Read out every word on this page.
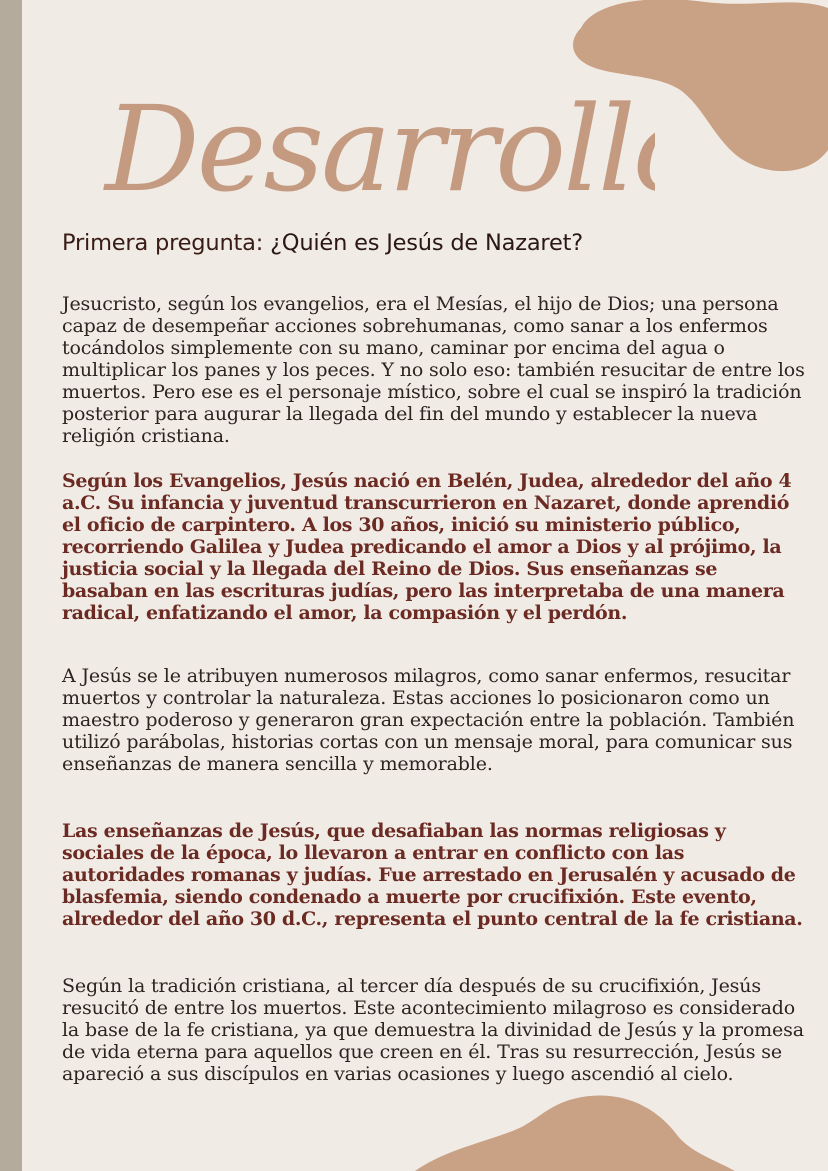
Desarrollo
Primera pregunta: ¿Quién es Jesús de Nazaret?

Jesucristo, según los evangelios, era el Mesías, el hijo de Dios; una persona capaz de desempeñar acciones sobrehumanas, como sanar a los enfermos tocándolos simplemente con su mano, caminar por encima del agua o multiplicar los panes y los peces. Y no solo eso: también resucitar de entre los muertos. Pero ese es el personaje místico, sobre el cual se inspiró la tradición posterior para augurar la llegada del fin del mundo y establecer la nueva religión cristiana.

Según los Evangelios, Jesús nació en Belén, Judea, alrededor del año 4 a.C. Su infancia y juventud transcurrieron en Nazaret, donde aprendió el oficio de carpintero. A los 30 años, inició su ministerio público, recorriendo Galilea y Judea predicando el amor a Dios y al prójimo, la justicia social y la llegada del Reino de Dios. Sus enseñanzas se basaban en las escrituras judías, pero las interpretaba de una manera radical, enfatizando el amor, la compasión y el perdón.

A Jesús se le atribuyen numerosos milagros, como sanar enfermos, resucitar muertos y controlar la naturaleza. Estas acciones lo posicionaron como un maestro poderoso y generaron gran expectación entre la población. También utilizó parábolas, historias cortas con un mensaje moral, para comunicar sus enseñanzas de manera sencilla y memorable.

Las enseñanzas de Jesús, que desafiaban las normas religiosas y sociales de la época, lo llevaron a entrar en conflicto con las autoridades romanas y judías. Fue arrestado en Jerusalén y acusado de blasfemia, siendo condenado a muerte por crucifixión. Este evento, alrededor del año 30 d.C., representa el punto central de la fe cristiana.

Según la tradición cristiana, al tercer día después de su crucifixión, Jesús resucitó de entre los muertos. Este acontecimiento milagroso es considerado la base de la fe cristiana, ya que demuestra la divinidad de Jesús y la promesa de vida eterna para aquellos que creen en él. Tras su resurrección, Jesús se apareció a sus discípulos en varias ocasiones y luego ascendió al cielo.
